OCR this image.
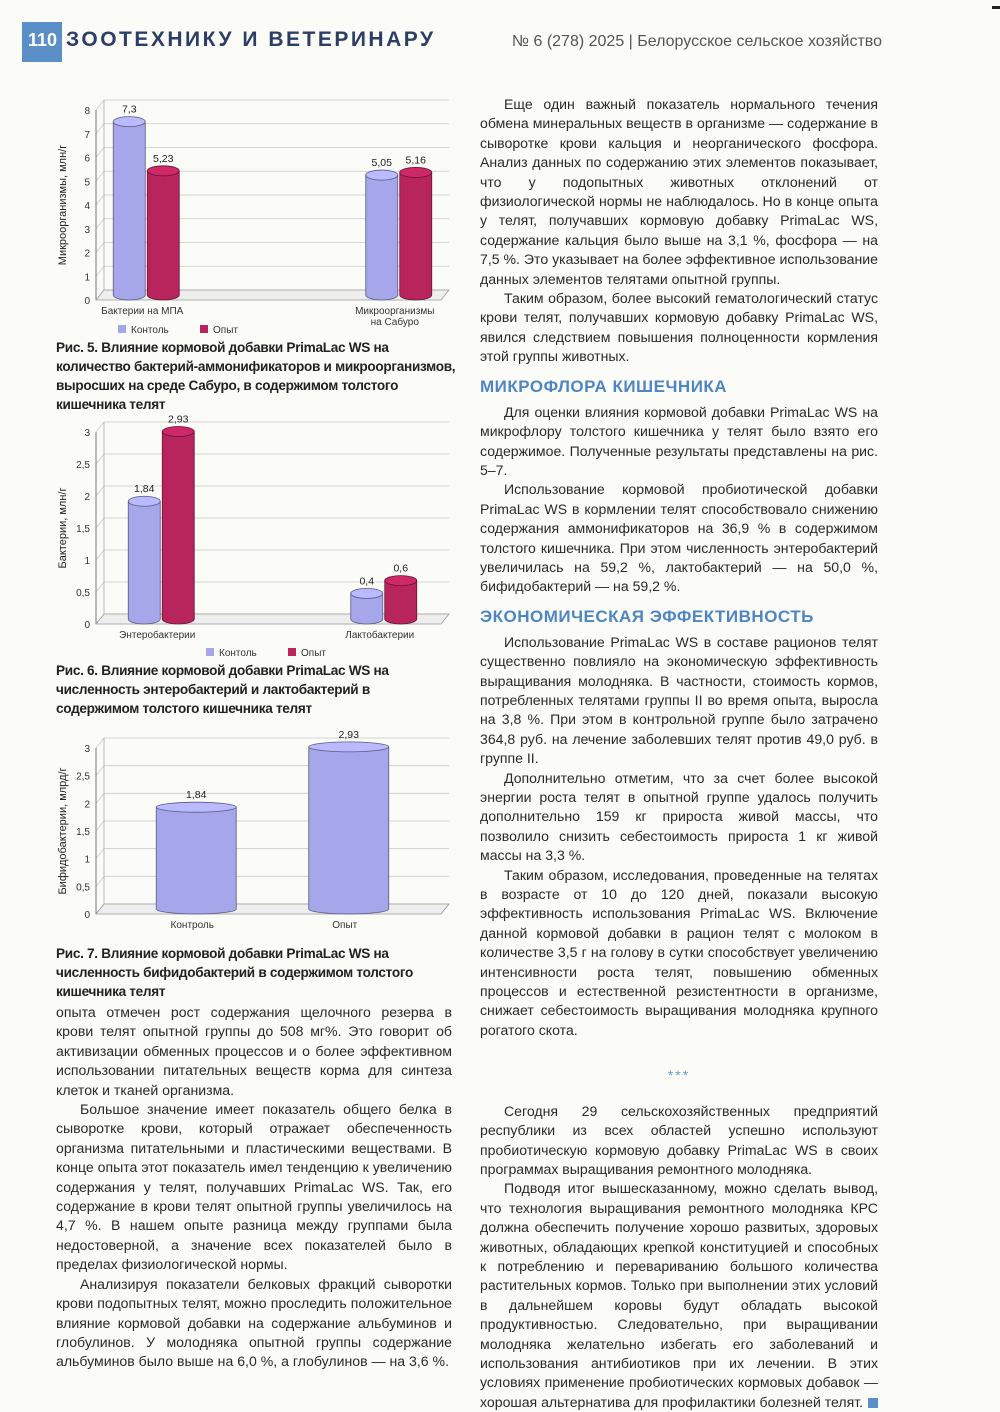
110 ЗООТЕХНИКУ И ВЕТЕРИНАРУ	№ 6 (278) 2025 | Белорусское сельское хозяйство
0
1
2
3
4
5
6
7
8
Микроорганизмы, млн/г
7,3
5,23
Бактерии на МПА
5,05 5,16
Микроорганизмы
на Сабуро
Контоль	Опыт
Рис. 5. Влияние кормовой добавки PrimaLac WS на количество бактерий-аммонификаторов и микроорганизмов, выросших на среде Сабуро, в содержимом толстого кишечника телят
0
0,5
1
1,5
2
2,5
3
Бактерии, млн/г	1,84
2,93
Энтеробактерии
0,4
0,6
Лактобактерии
Контоль	Опыт
Рис. 6. Влияние кормовой добавки PrimaLac WS на численность энтеробактерий и лактобактерий в содержимом толстого кишечника телят
0
0,5
1
1,5
2
2,5
3
Бифидобактерии, млрд/г	1,84
Контроль
2,93
Опыт
Рис. 7. Влияние кормовой добавки PrimaLac WS на численность бифидобактерий в содержимом толстого кишечника телят

опыта отмечен рост содержания щелочного резерва в крови телят опытной группы до 508 мг%. Это говорит об активизации обменных процессов и о более эффективном использовании питательных веществ корма для синтеза клеток и тканей организма.

Большое значение имеет показатель общего белка в сыворотке крови, который отражает обеспеченность организма питательными и пластическими веществами. В конце опыта этот показатель имел тенденцию к увеличению содержания у телят, получавших PrimaLac WS. Так, его содержание в крови телят опытной группы увеличилось на 4,7 %. В нашем опыте разница между группами была недостоверной, а значение всех показателей было в пределах физиологической нормы.

Анализируя показатели белковых фракций сыворотки крови подопытных телят, можно проследить положительное влияние кормовой добавки на содержание альбуминов и глобулинов. У молодняка опытной группы содержание альбуминов было выше на 6,0 %, а глобулинов — на 3,6 %.

Еще один важный показатель нормального течения обмена минеральных веществ в организме — содержание в сыворотке крови кальция и неорганического фосфора. Анализ данных по содержанию этих элементов показывает, что у подопытных животных отклонений от физиологической нормы не наблюдалось. Но в конце опыта у телят, получавших кормовую добавку PrimaLac WS, содержание кальция было выше на 3,1 %, фосфора — на 7,5 %. Это указывает на более эффективное использование данных элементов телятами опытной группы.

Таким образом, более высокий гематологический статус крови телят, получавших кормовую добавку PrimaLac WS, явился следствием повышения полноценности кормления этой группы животных.

МИКРОФЛОРА КИШЕЧНИКА

Для оценки влияния кормовой добавки PrimaLac WS на микрофлору толстого кишечника у телят было взято его содержимое. Полученные результаты представлены на рис. 5–7.

Использование кормовой пробиотической добавки PrimaLac WS в кормлении телят способствовало снижению содержания аммонификаторов на 36,9 % в содержимом толстого кишечника. При этом численность энтеробактерий увеличилась на 59,2 %, лактобактерий — на 50,0 %, бифидобактерий — на 59,2 %.

ЭКОНОМИЧЕСКАЯ ЭФФЕКТИВНОСТЬ

Использование PrimaLac WS в составе рационов телят существенно повлияло на экономическую эффективность выращивания молодняка. В частности, стоимость кормов, потребленных телятами группы II во время опыта, выросла на 3,8 %. При этом в контрольной группе было затрачено 364,8 руб. на лечение заболевших телят против 49,0 руб. в группе II.

Дополнительно отметим, что за счет более высокой энергии роста телят в опытной группе удалось получить дополнительно 159 кг прироста живой массы, что позволило снизить себестоимость прироста 1 кг живой массы на 3,3 %.

Таким образом, исследования, проведенные на телятах в возрасте от 10 до 120 дней, показали высокую эффективность использования PrimaLac WS. Включение данной кормовой добавки в рацион телят с молоком в количестве 3,5 г на голову в сутки способствует увеличению интенсивности роста телят, повышению обменных процессов и естественной резистентности в организме, снижает себестоимость выращивания молодняка крупного рогатого скота.

***

Сегодня 29 сельскохозяйственных предприятий республики из всех областей успешно используют пробиотическую кормовую добавку PrimaLac WS в своих программах выращивания ремонтного молодняка.

Подводя итог вышесказанному, можно сделать вывод, что технология выращивания ремонтного молодняка КРС должна обеспечить получение хорошо развитых, здоровых животных, обладающих крепкой конституцией и способных к потреблению и перевариванию большого количества растительных кормов. Только при выполнении этих условий в дальнейшем коровы будут обладать высокой продуктивностью. Следовательно, при выращивании молодняка желательно избегать его заболеваний и использования антибиотиков при их лечении. В этих условиях применение пробиотических кормовых добавок — хорошая альтернатива для профилактики болезней телят.
